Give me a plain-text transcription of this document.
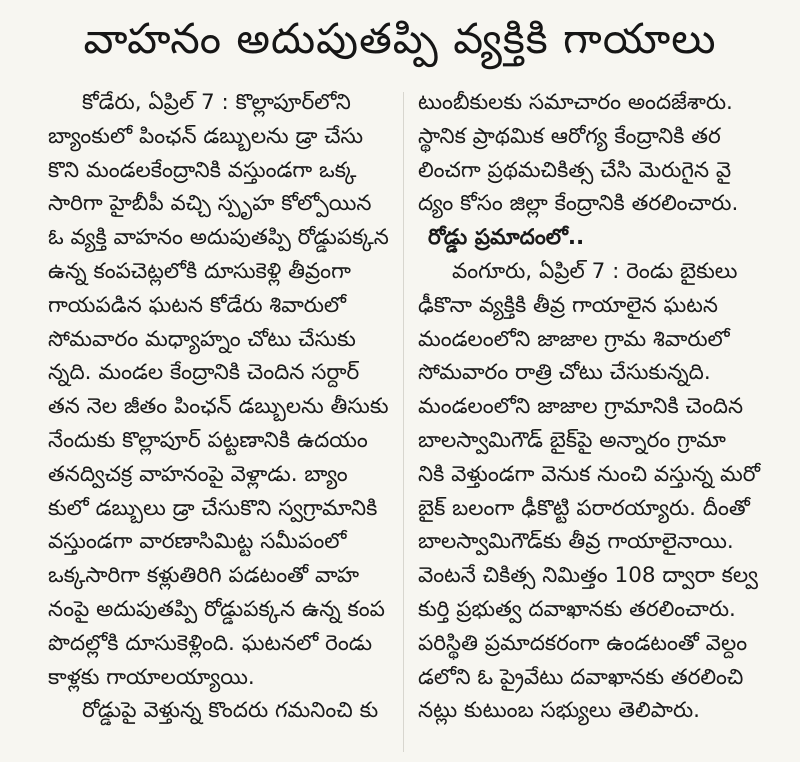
వాహనం అదుపుతప్పి వ్యక్తికి గాయాలు
కోడేరు, ఏప్రిల్ 7 : కొల్లాపూర్‌లోని
బ్యాంకులో పింఛన్ డబ్బులను డ్రా చేసు
కొని మండలకేంద్రానికి వస్తుండగా ఒక్క
సారిగా హైబీపీ వచ్చి స్పృహ కోల్పోయిన
ఓ వ్యక్తి వాహనం అదుపుతప్పి రోడ్డుపక్కన
ఉన్న కంపచెట్లలోకి దూసుకెళ్లి తీవ్రంగా
గాయపడిన ఘటన కోడేరు శివారులో
సోమవారం మధ్యాహ్నం చోటు చేసుకు
న్నది. మండల కేంద్రానికి చెందిన సర్దార్
తన నెల జీతం పింఛన్ డబ్బులను తీసుకు
నేందుకు కొల్లాపూర్ పట్టణానికి ఉదయం
తనద్విచక్ర వాహనంపై వెళ్లాడు. బ్యాం
కులో డబ్బులు డ్రా చేసుకొని స్వగ్రామానికి
వస్తుండగా వారణాసిమిట్ట సమీపంలో
ఒక్కసారిగా కళ్లుతిరిగి పడటంతో వాహ
నంపై అదుపుతప్పి రోడ్డుపక్కన ఉన్న కంప
పొదల్లోకి దూసుకెళ్లింది. ఘటనలో రెండు
కాళ్లకు గాయాలయ్యాయి.
రోడ్డుపై వెళ్తున్న కొందరు గమనించి కు
టుంబీకులకు సమాచారం అందజేశారు.
స్థానిక ప్రాథమిక ఆరోగ్య కేంద్రానికి తర
లించగా ప్రథమచికిత్స చేసి మెరుగైన వై
ద్యం కోసం జిల్లా కేంద్రానికి తరలించారు.
రోడ్డు ప్రమాదంలో..
వంగూరు, ఏప్రిల్ 7 : రెండు బైకులు
ఢీకొనా వ్యక్తికి తీవ్ర గాయాలైన ఘటన
మండలంలోని జాజాల గ్రామ శివారులో
సోమవారం రాత్రి చోటు చేసుకున్నది.
మండలంలోని జాజాల గ్రామానికి చెందిన
బాలస్వామిగౌడ్ బైక్‌పై అన్నారం గ్రామా
నికి వెళ్తుండగా వెనుక నుంచి వస్తున్న మరో
బైక్ బలంగా ఢీకొట్టి పరారయ్యారు. దీంతో
బాలస్వామిగౌడ్‌కు తీవ్ర గాయాలైనాయి.
వెంటనే చికిత్స నిమిత్తం 108 ద్వారా కల్వ
కుర్తి ప్రభుత్వ దవాఖానకు తరలించారు.
పరిస్థితి ప్రమాదకరంగా ఉండటంతో వెల్దం
డలోని ఓ ప్రైవేటు దవాఖానకు తరలించి
నట్లు కుటుంబ సభ్యులు తెలిపారు.
